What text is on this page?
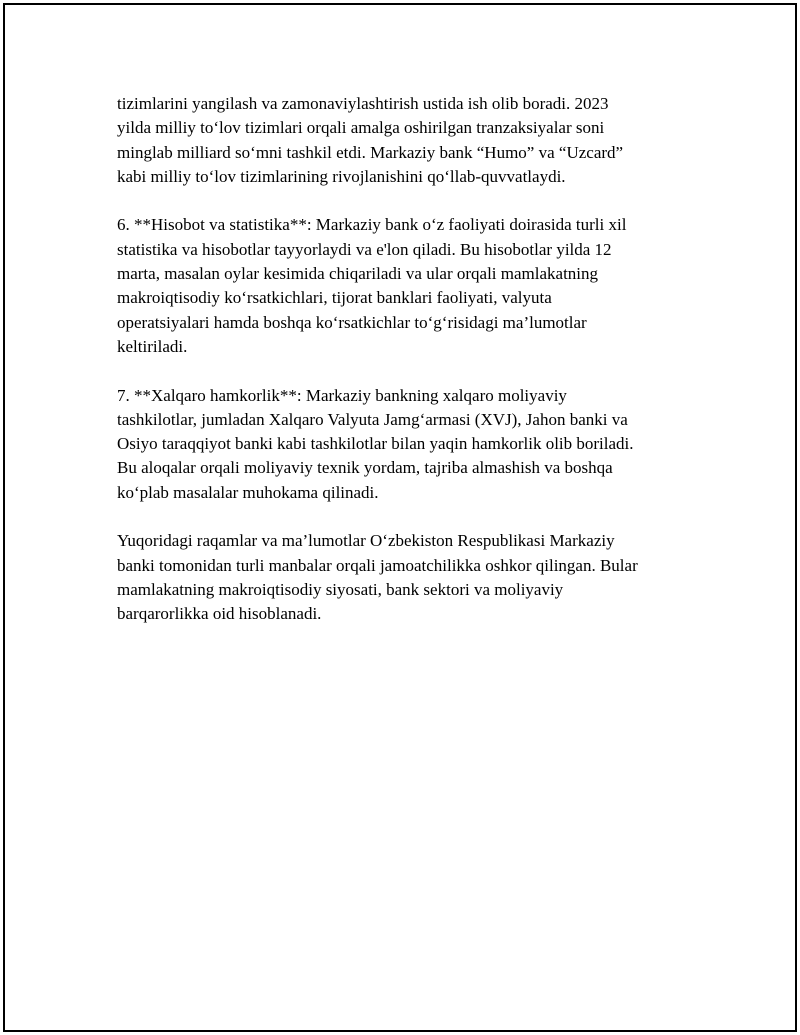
tizimlarini yangilash va zamonaviylashtirish ustida ish olib boradi. 2023
yilda milliy to‘lov tizimlari orqali amalga oshirilgan tranzaksiyalar soni
minglab milliard so‘mni tashkil etdi. Markaziy bank “Humo” va “Uzcard”
kabi milliy to‘lov tizimlarining rivojlanishini qo‘llab-quvvatlaydi.

6. **Hisobot va statistika**: Markaziy bank o‘z faoliyati doirasida turli xil
statistika va hisobotlar tayyorlaydi va e'lon qiladi. Bu hisobotlar yilda 12
marta, masalan oylar kesimida chiqariladi va ular orqali mamlakatning
makroiqtisodiy ko‘rsatkichlari, tijorat banklari faoliyati, valyuta
operatsiyalari hamda boshqa ko‘rsatkichlar to‘g‘risidagi ma’lumotlar
keltiriladi.

7. **Xalqaro hamkorlik**: Markaziy bankning xalqaro moliyaviy
tashkilotlar, jumladan Xalqaro Valyuta Jamg‘armasi (XVJ), Jahon banki va
Osiyo taraqqiyot banki kabi tashkilotlar bilan yaqin hamkorlik olib boriladi.
Bu aloqalar orqali moliyaviy texnik yordam, tajriba almashish va boshqa
ko‘plab masalalar muhokama qilinadi.

Yuqoridagi raqamlar va ma’lumotlar O‘zbekiston Respublikasi Markaziy
banki tomonidan turli manbalar orqali jamoatchilikka oshkor qilingan. Bular
mamlakatning makroiqtisodiy siyosati, bank sektori va moliyaviy
barqarorlikka oid hisoblanadi.
